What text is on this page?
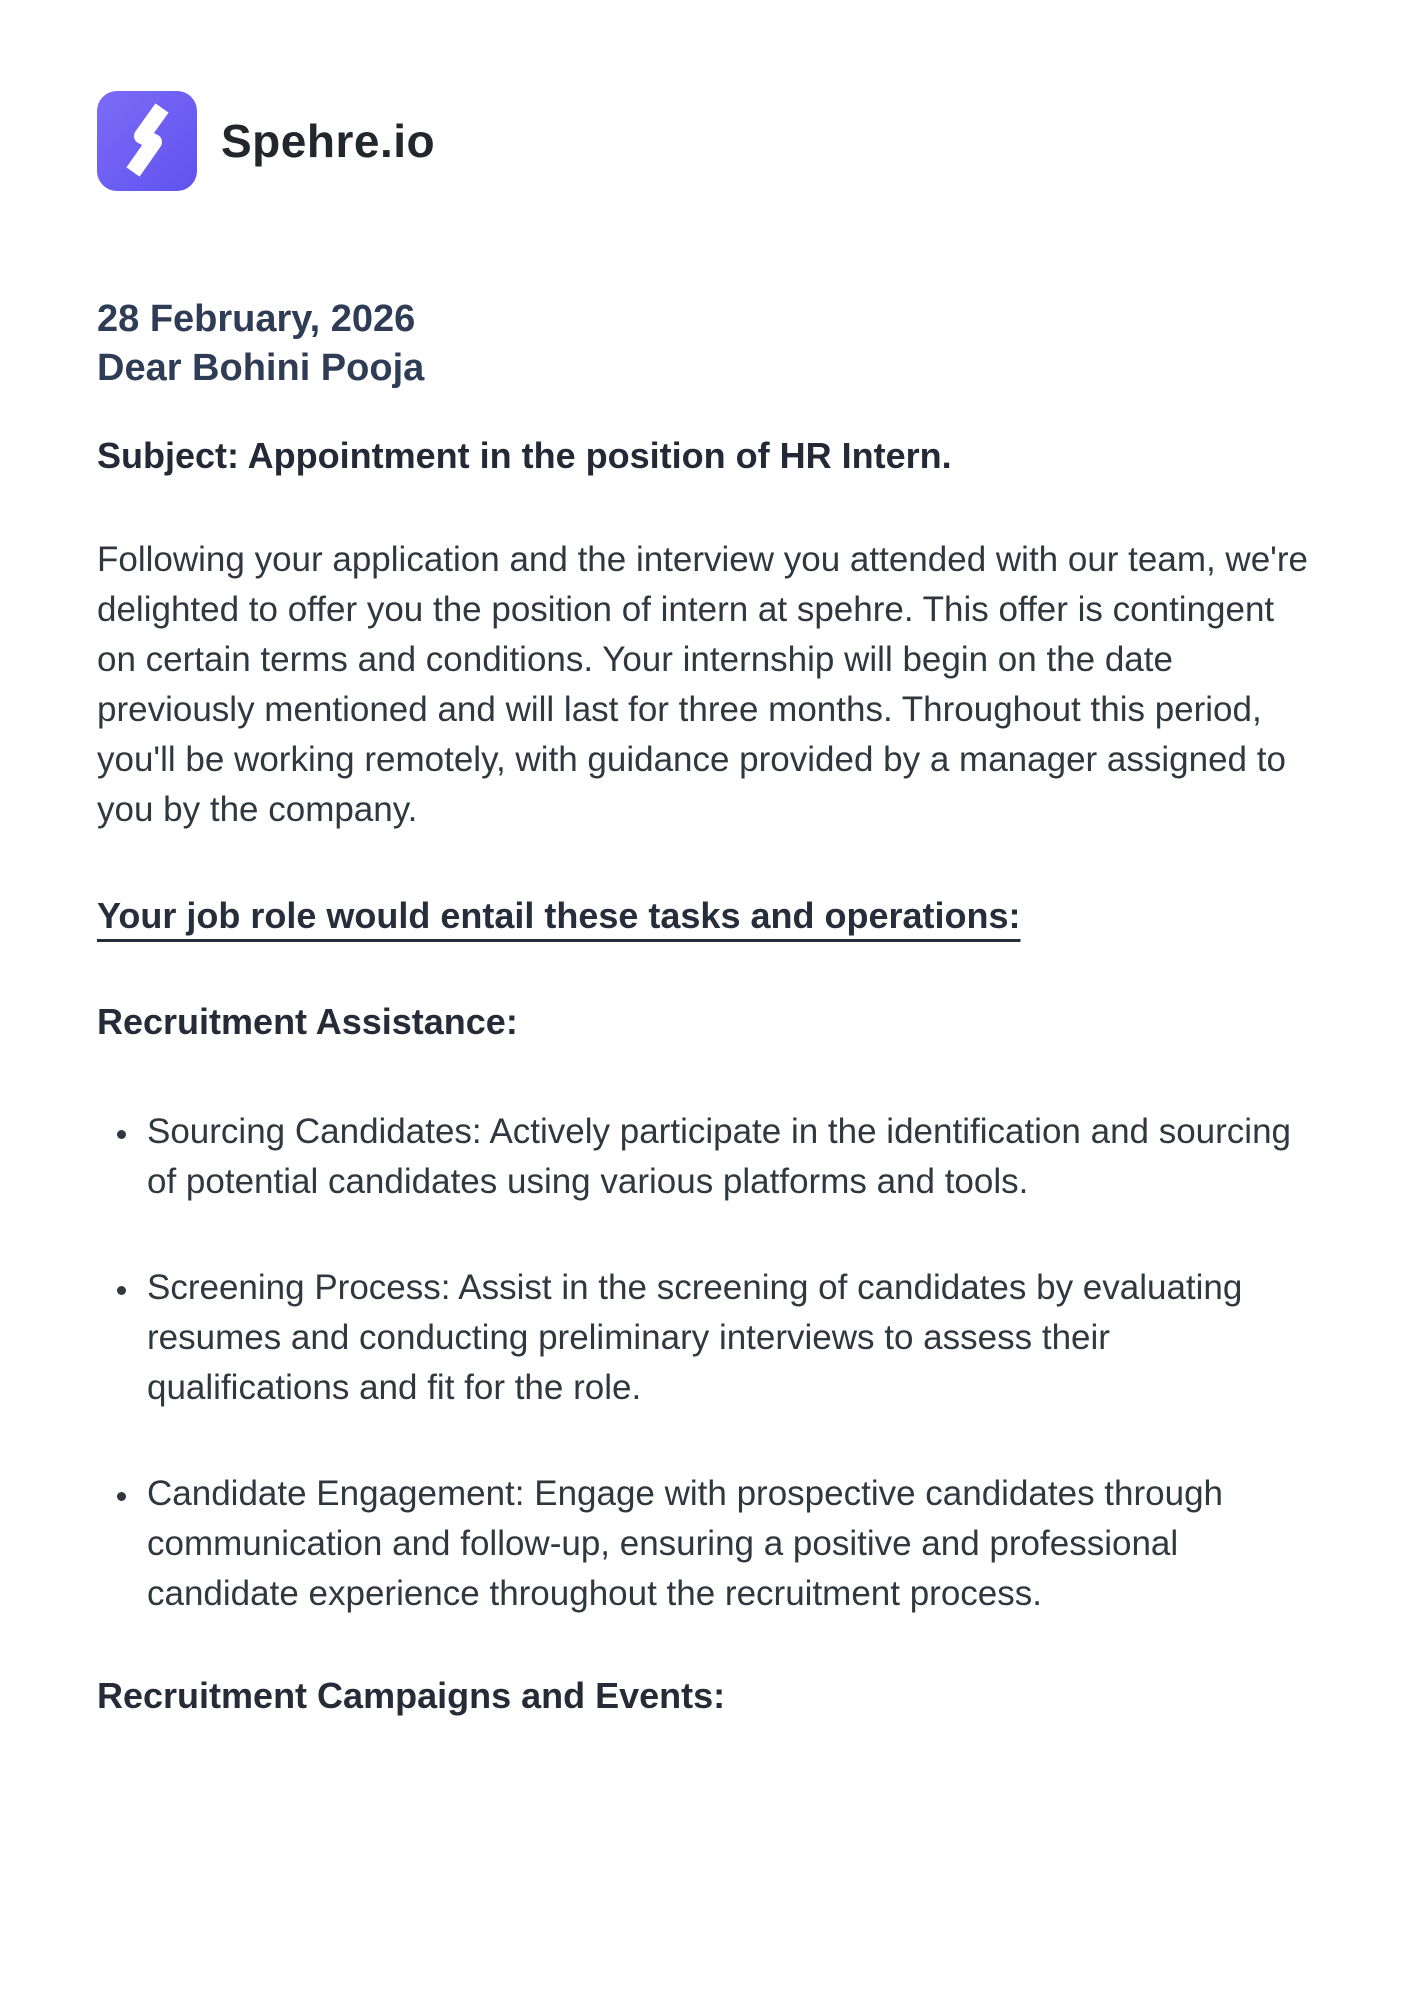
Spehre.io
28 February, 2026
Dear Bohini Pooja
Subject: Appointment in the position of HR Intern.
Following your application and the interview you attended with our team, we're delighted to offer you the position of intern at spehre. This offer is contingent on certain terms and conditions. Your internship will begin on the date previously mentioned and will last for three months. Throughout this period, you'll be working remotely, with guidance provided by a manager assigned to you by the company.
Your job role would entail these tasks and operations:
Recruitment Assistance:
• Sourcing Candidates: Actively participate in the identification and sourcing of potential candidates using various platforms and tools.
• Screening Process: Assist in the screening of candidates by evaluating resumes and conducting preliminary interviews to assess their qualifications and fit for the role.
• Candidate Engagement: Engage with prospective candidates through communication and follow-up, ensuring a positive and professional candidate experience throughout the recruitment process.
Recruitment Campaigns and Events:
